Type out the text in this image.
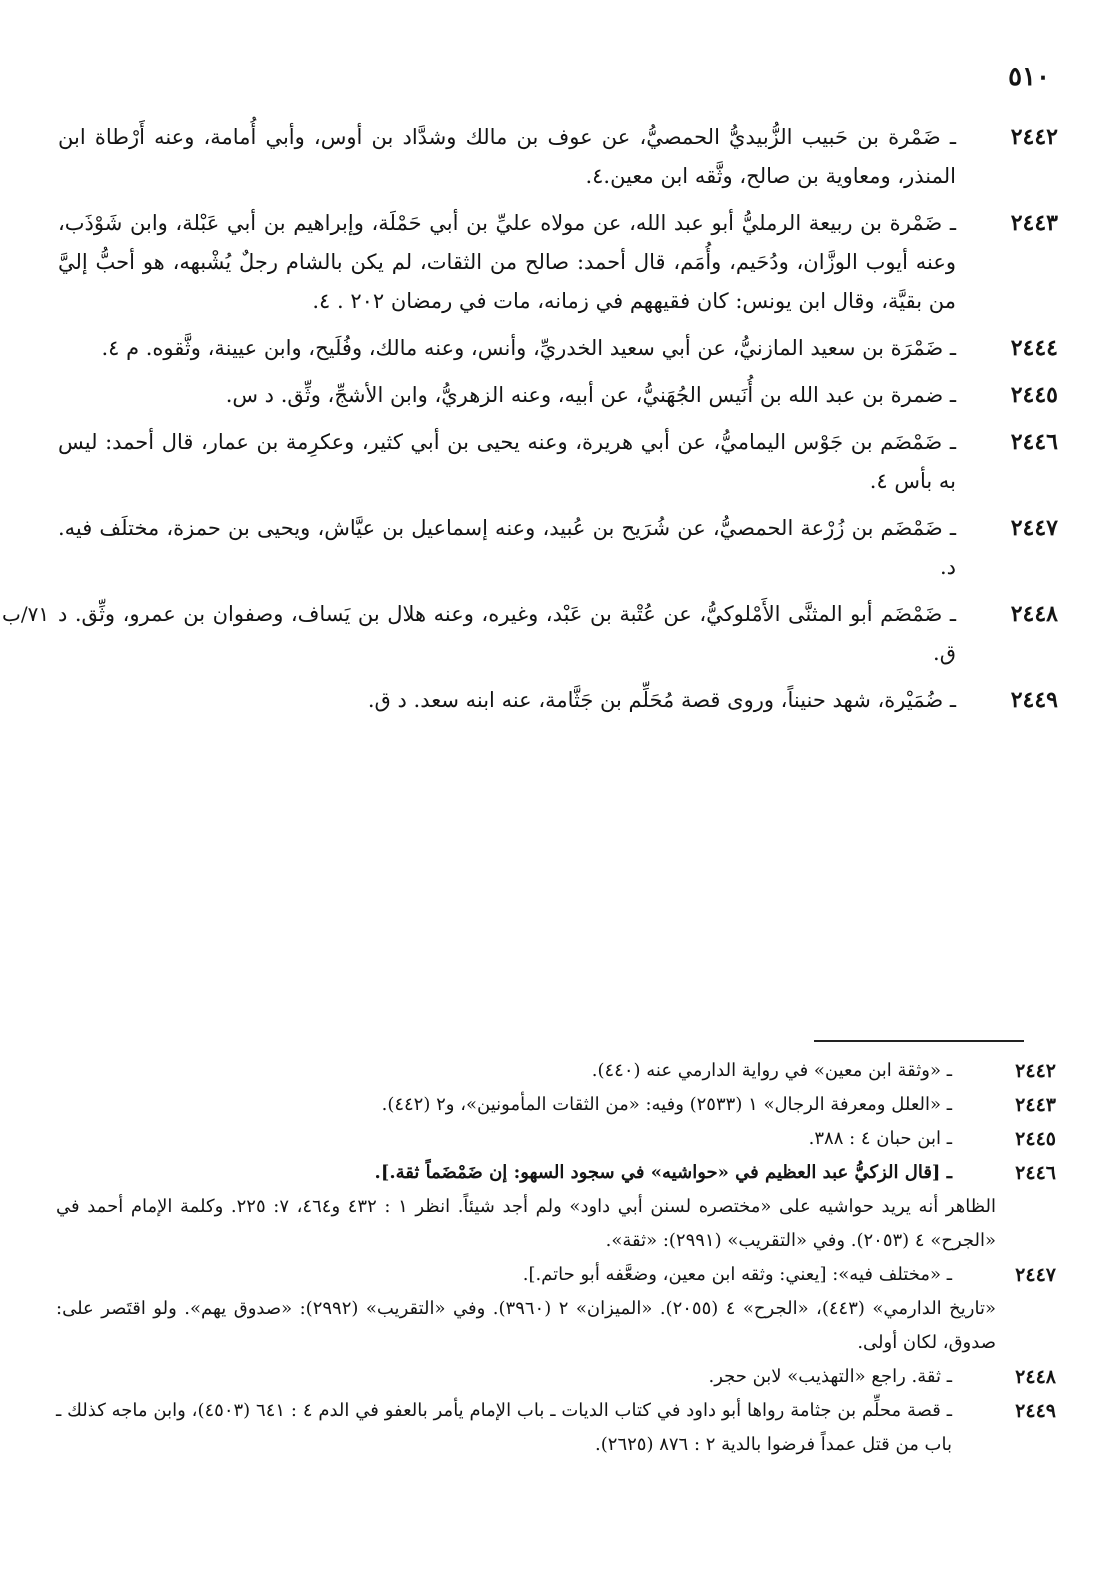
٥١٠
٢٤٤٢
ـ ضَمْرة بن حَبيب الزُّبيديُّ الحمصيُّ، عن عوف بن مالك وشدَّاد بن أوس، وأبي أُمامة، وعنه أَرْطاة ابن المنذر، ومعاوية بن صالح، وثَّقه ابن معين.٤.
٢٤٤٣
ـ ضَمْرة بن ربيعة الرمليُّ أبو عبد الله، عن مولاه عليِّ بن أبي حَمْلَة، وإبراهيم بن أبي عَبْلة، وابن شَوْذَب، وعنه أيوب الوزَّان، ودُحَيم، وأُمَم، قال أحمد: صالح من الثقات، لم يكن بالشام رجلٌ يُشْبهه، هو أحبُّ إليَّ من بقيَّة، وقال ابن يونس: كان فقيههم في زمانه، مات في رمضان ٢٠٢ . ٤.
٢٤٤٤
ـ ضَمْرَة بن سعيد المازنيُّ، عن أبي سعيد الخدريِّ، وأنس، وعنه مالك، وفُلَيح، وابن عيينة، وثَّقوه. م ٤.
٢٤٤٥
ـ ضمرة بن عبد الله بن أُنَيس الجُهَنيُّ، عن أبيه، وعنه الزهريُّ، وابن الأشجِّ، وثِّق. د س.
٢٤٤٦
ـ ضَمْضَم بن جَوْس اليماميُّ، عن أبي هريرة، وعنه يحيى بن أبي كثير، وعكرِمة بن عمار، قال أحمد: ليس به بأس ٤.
٢٤٤٧
ـ ضَمْضَم بن زُرْعة الحمصيُّ، عن شُرَيح بن عُبيد، وعنه إسماعيل بن عيَّاش، ويحيى بن حمزة، مختلَف فيه. د.
٧١/ب	٢٤٤٨
ـ ضَمْضَم أبو المثنَّى الأَمْلوكيُّ، عن عُتْبة بن عَبْد، وغيره، وعنه هلال بن يَساف، وصفوان بن عمرو، وثِّق. د ق.
٢٤٤٩
ـ ضُمَيْرة، شهد حنيناً، وروى قصة مُحَلِّم بن جَثَّامة، عنه ابنه سعد. د ق.
٢٤٤٢
ـ «وثقة ابن معين» في رواية الدارمي عنه (٤٤٠).
٢٤٤٣
ـ «العلل ومعرفة الرجال» ١ (٢٥٣٣) وفيه: «من الثقات المأمونين»، و٢ (٤٤٢).
٢٤٤٥
ـ ابن حبان ٤ : ٣٨٨.
٢٤٤٦
ـ [قال الزكيُّ عبد العظيم في «حواشيه» في سجود السهو: إن ضَمْضَماً ثقة.].
الظاهر أنه يريد حواشيه على «مختصره لسنن أبي داود» ولم أجد شيئاً. انظر ١ : ٤٣٢ و٤٦٤، ٧: ٢٢٥. وكلمة الإمام أحمد في «الجرح» ٤ (٢٠٥٣). وفي «التقريب» (٢٩٩١): «ثقة».
٢٤٤٧
ـ «مختلف فيه»: [يعني: وثقه ابن معين، وضعَّفه أبو حاتم.].
«تاريخ الدارمي» (٤٤٣)، «الجرح» ٤ (٢٠٥٥). «الميزان» ٢ (٣٩٦٠). وفي «التقريب» (٢٩٩٢): «صدوق يهم». ولو اقتَصر على: صدوق، لكان أولى.
٢٤٤٨
ـ ثقة. راجع «التهذيب» لابن حجر.
٢٤٤٩
ـ قصة محلِّم بن جثامة رواها أبو داود في كتاب الديات ـ باب الإمام يأمر بالعفو في الدم ٤ : ٦٤١ (٤٥٠٣)، وابن ماجه كذلك ـ باب من قتل عمداً فرضوا بالدية ٢ : ٨٧٦ (٢٦٢٥).
